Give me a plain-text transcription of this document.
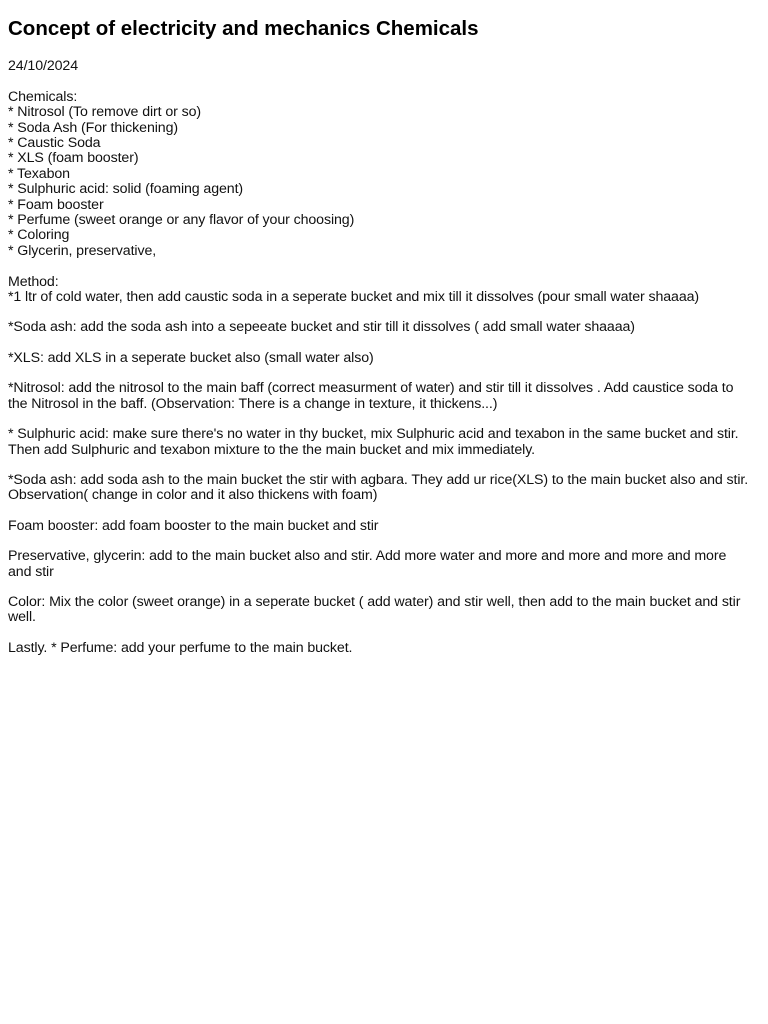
Concept of electricity and mechanics Chemicals
24/10/2024
Chemicals:
* Nitrosol (To remove dirt or so)
* Soda Ash (For thickening)
* Caustic Soda
* XLS (foam booster)
* Texabon
* Sulphuric acid: solid (foaming agent)
* Foam booster
* Perfume (sweet orange or any flavor of your choosing)
* Coloring
* Glycerin, preservative,
Method:
*1 ltr of cold water, then add caustic soda in a seperate bucket and mix till it dissolves (pour small water shaaaa)
*Soda ash: add the soda ash into a sepeeate bucket and stir till it dissolves ( add small water shaaaa)
*XLS: add XLS in a seperate bucket also (small water also)
*Nitrosol: add the nitrosol to the main baff (correct measurment of water) and stir till it dissolves . Add caustice soda to the Nitrosol in the baff. (Observation: There is a change in texture, it thickens...)
* Sulphuric acid: make sure there's no water in thy bucket, mix Sulphuric acid and texabon in the same bucket and stir. Then add Sulphuric and texabon mixture to the the main bucket and mix immediately.
*Soda ash: add soda ash to the main bucket the stir with agbara. They add ur rice(XLS) to the main bucket also and stir. Observation( change in color and it also thickens with foam)
Foam booster: add foam booster to the main bucket and stir
Preservative, glycerin: add to the main bucket also and stir. Add more water and more and more and more and more and stir
Color: Mix the color (sweet orange) in a seperate bucket ( add water) and stir well, then add to the main bucket and stir well.
Lastly. * Perfume: add your perfume to the main bucket.
